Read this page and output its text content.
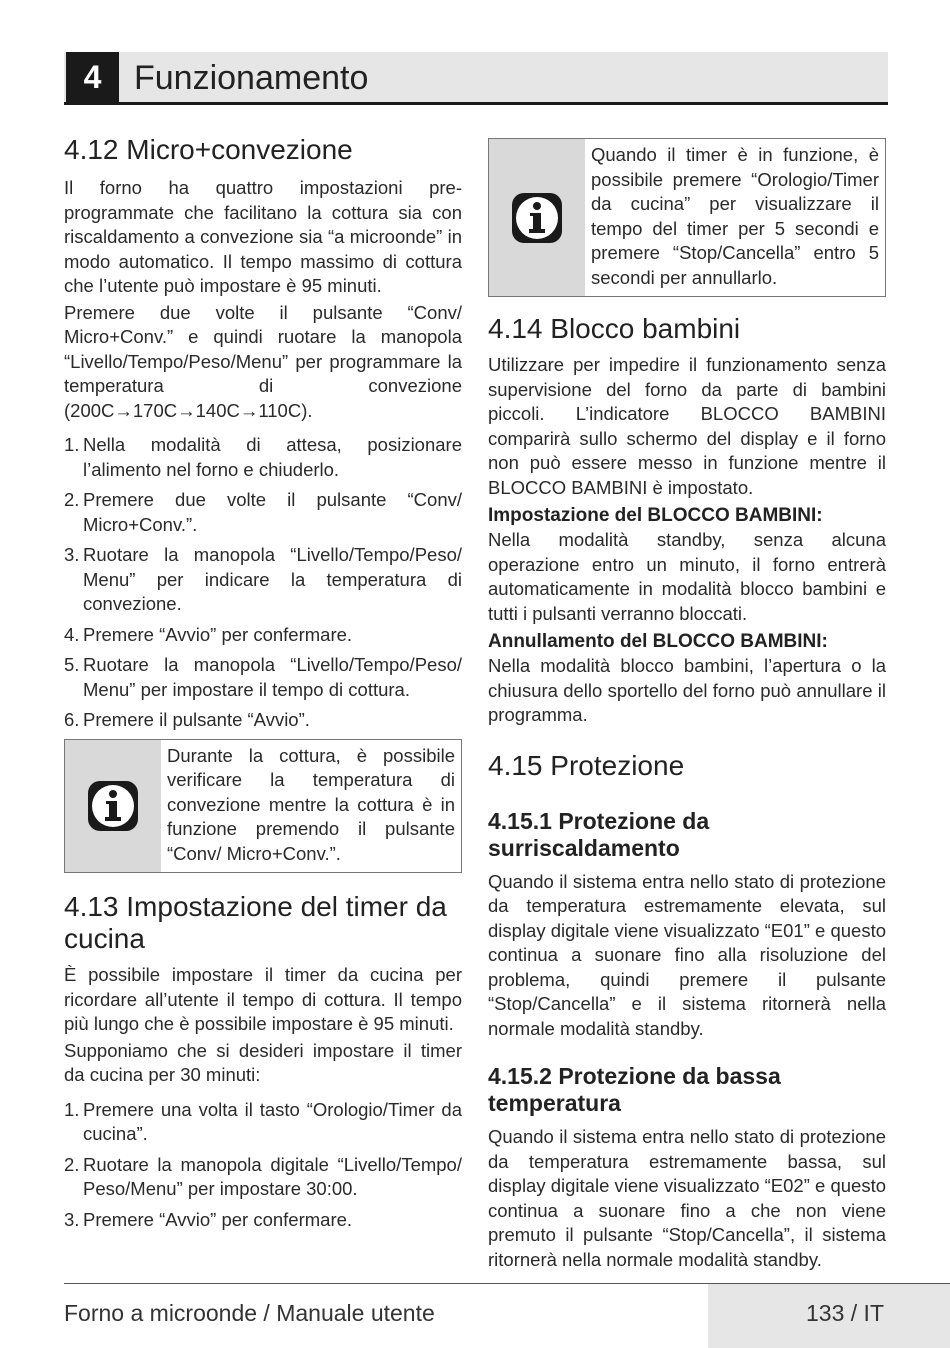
4 Funzionamento
4.12 Micro+convezione

Il forno ha quattro impostazioni pre-programmate che facilitano la cottura sia con riscaldamento a convezione sia “a microonde” in modo automatico. Il tempo massimo di cottura che l’utente può impostare è 95 minuti.

Premere due volte il pulsante “Conv/ Micro+Conv.” e quindi ruotare la manopola “Livello/Tempo/Peso/Menu” per programmare la temperatura di convezione (200C→170C→140C→110C).

1. Nella modalità di attesa, posizionare l’alimento nel forno e chiuderlo.
2. Premere due volte il pulsante “Conv/ Micro+Conv.”.
3. Ruotare la manopola “Livello/Tempo/Peso/ Menu” per indicare la temperatura di convezione.
4. Premere “Avvio” per confermare.
5. Ruotare la manopola “Livello/Tempo/Peso/ Menu” per impostare il tempo di cottura.
6. Premere il pulsante “Avvio”.
Durante la cottura, è possibile verificare la temperatura di convezione mentre la cottura è in funzione premendo il pulsante “Conv/ Micro+Conv.”.
4.13 Impostazione del timer da cucina

È possibile impostare il timer da cucina per ricordare all’utente il tempo di cottura. Il tempo più lungo che è possibile impostare è 95 minuti.

Supponiamo che si desideri impostare il timer da cucina per 30 minuti:

1. Premere una volta il tasto “Orologio/Timer da cucina”.
2. Ruotare la manopola digitale “Livello/Tempo/ Peso/Menu” per impostare 30:00.
3. Premere “Avvio” per confermare.
Quando il timer è in funzione, è possibile premere “Orologio/Timer da cucina” per visualizzare il tempo del timer per 5 secondi e premere “Stop/Cancella” entro 5 secondi per annullarlo.
4.14 Blocco bambini

Utilizzare per impedire il funzionamento senza supervisione del forno da parte di bambini piccoli. L’indicatore BLOCCO BAMBINI comparirà sullo schermo del display e il forno non può essere messo in funzione mentre il BLOCCO BAMBINI è impostato.

Impostazione del BLOCCO BAMBINI:

Nella modalità standby, senza alcuna operazione entro un minuto, il forno entrerà automaticamente in modalità blocco bambini e tutti i pulsanti verranno bloccati.

Annullamento del BLOCCO BAMBINI:

Nella modalità blocco bambini, l’apertura o la chiusura dello sportello del forno può annullare il programma.

4.15 Protezione
4.15.1 Protezione da surriscaldamento

Quando il sistema entra nello stato di protezione da temperatura estremamente elevata, sul display digitale viene visualizzato “E01” e questo continua a suonare fino alla risoluzione del problema, quindi premere il pulsante “Stop/Cancella” e il sistema ritornerà nella normale modalità standby.

4.15.2 Protezione da bassa temperatura

Quando il sistema entra nello stato di protezione da temperatura estremamente bassa, sul display digitale viene visualizzato “E02” e questo continua a suonare fino a che non viene premuto il pulsante “Stop/Cancella”, il sistema ritornerà nella normale modalità standby.

Forno a microonde / Manuale utente	133 / IT
